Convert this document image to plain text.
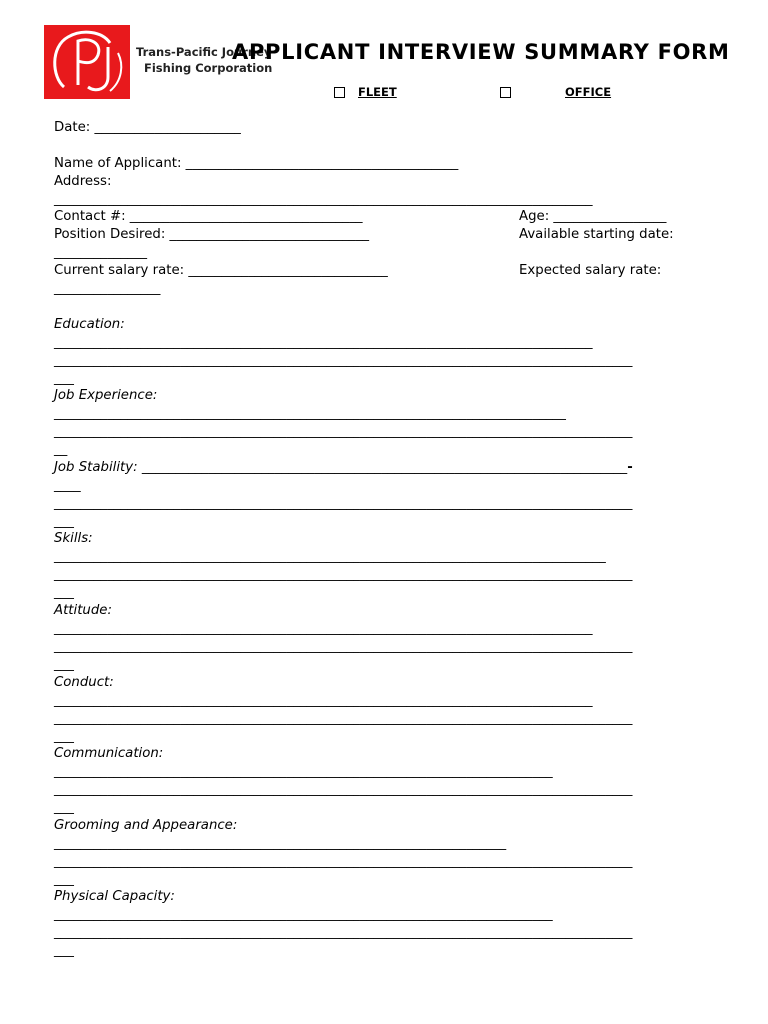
Trans-Pacific Journey
Fishing Corporation
APPLICANT INTERVIEW SUMMARY FORM
FLEET	OFFICE
Date: ______________________
Name of Applicant: _________________________________________
Address:
_________________________________________________________________________________
Contact #: ___________________________________	Age: _________________
Position Desired: ______________________________	Available starting date:
______________
Current salary rate: ______________________________	Expected salary rate:
________________
Education:
_________________________________________________________________________________
_______________________________________________________________________________________
___
Job Experience:
_____________________________________________________________________________
_______________________________________________________________________________________
__
Job Stability: _________________________________________________________________________-
____
_______________________________________________________________________________________
___
Skills:
___________________________________________________________________________________
_______________________________________________________________________________________
___
Attitude:
_________________________________________________________________________________
_______________________________________________________________________________________
___
Conduct:
_________________________________________________________________________________
_______________________________________________________________________________________
___
Communication:
___________________________________________________________________________
_______________________________________________________________________________________
___
Grooming and Appearance:
____________________________________________________________________
_______________________________________________________________________________________
___
Physical Capacity:
___________________________________________________________________________
_______________________________________________________________________________________
___
